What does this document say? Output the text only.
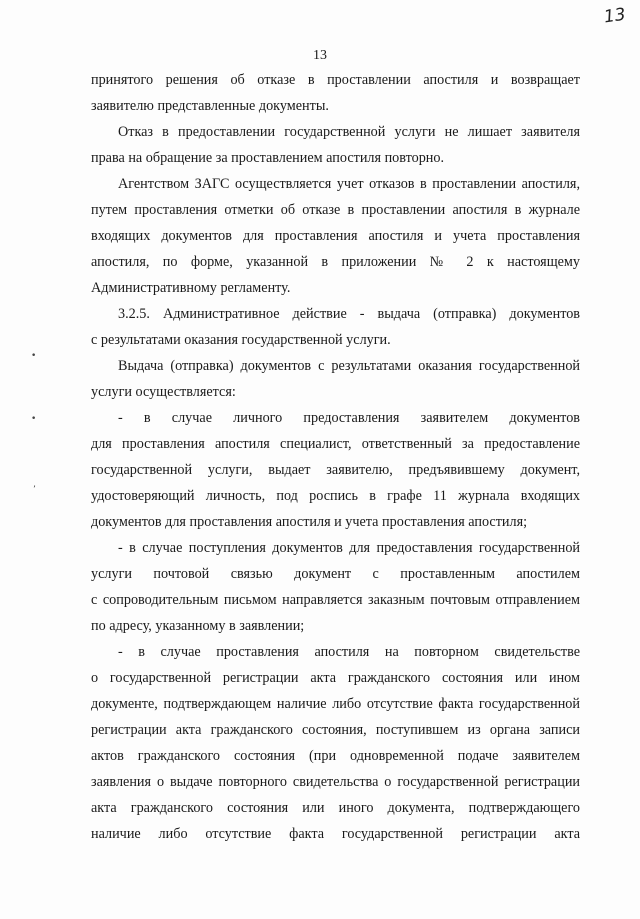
13
13
•
•
ʼ
принятого решения об отказе в проставлении апостиля и возвращает
заявителю представленные документы.
Отказ в предоставлении государственной услуги не лишает заявителя
права на обращение за проставлением апостиля повторно.
Агентством ЗАГС осуществляется учет отказов в проставлении апостиля,
путем проставления отметки об отказе в проставлении апостиля в журнале
входящих документов для проставления апостиля и учета проставления
апостиля, по форме, указанной в приложении № 2 к настоящему
Административному регламенту.
3.2.5. Административное действие - выдача (отправка) документов
с результатами оказания государственной услуги.
Выдача (отправка) документов с результатами оказания государственной
услуги осуществляется:
- в случае личного предоставления заявителем документов
для проставления апостиля специалист, ответственный за предоставление
государственной услуги, выдает заявителю, предъявившему документ,
удостоверяющий личность, под роспись в графе 11 журнала входящих
документов для проставления апостиля и учета проставления апостиля;
- в случае поступления документов для предоставления государственной
услуги почтовой связью документ с проставленным апостилем
с сопроводительным письмом направляется заказным почтовым отправлением
по адресу, указанному в заявлении;
- в случае проставления апостиля на повторном свидетельстве
о государственной регистрации акта гражданского состояния или ином
документе, подтверждающем наличие либо отсутствие факта государственной
регистрации акта гражданского состояния, поступившем из органа записи
актов гражданского состояния (при одновременной подаче заявителем
заявления о выдаче повторного свидетельства о государственной регистрации
акта гражданского состояния или иного документа, подтверждающего
наличие либо отсутствие факта государственной регистрации акта
